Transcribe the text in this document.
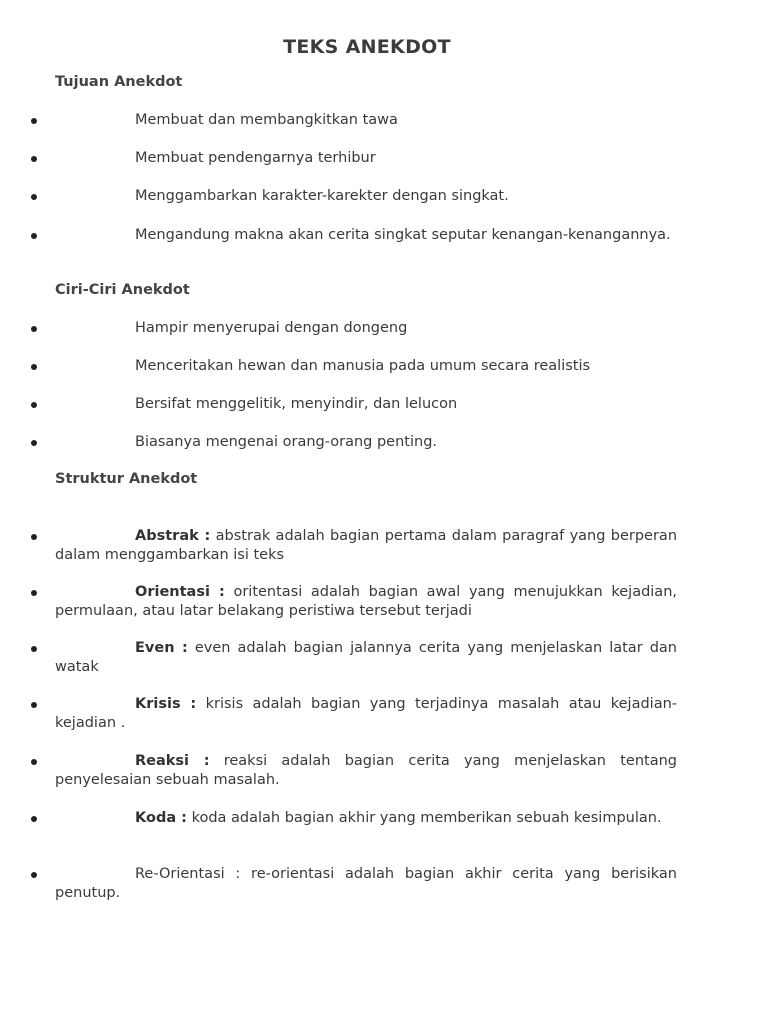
TEKS ANEKDOT
Tujuan Anekdot
Membuat dan membangkitkan tawa
Membuat pendengarnya terhibur
Menggambarkan karakter-karekter dengan singkat.
Mengandung makna akan cerita singkat seputar kenangan-kenangannya.
Ciri-Ciri Anekdot
Hampir menyerupai dengan dongeng
Menceritakan hewan dan manusia pada umum secara realistis
Bersifat menggelitik, menyindir, dan lelucon
Biasanya mengenai orang-orang penting.
Struktur Anekdot
Abstrak : abstrak adalah bagian pertama dalam paragraf yang berperan dalam menggambarkan isi teks
Orientasi : oritentasi adalah bagian awal yang menujukkan kejadian, permulaan, atau latar belakang peristiwa tersebut terjadi
Even : even adalah bagian jalannya cerita yang menjelaskan latar dan watak
Krisis : krisis adalah bagian yang terjadinya masalah atau kejadian-kejadian .
Reaksi : reaksi adalah bagian cerita yang menjelaskan tentang penyelesaian sebuah masalah.
Koda : koda adalah bagian akhir yang memberikan sebuah kesimpulan.
Re-Orientasi : re-orientasi adalah bagian akhir cerita yang berisikan penutup.
